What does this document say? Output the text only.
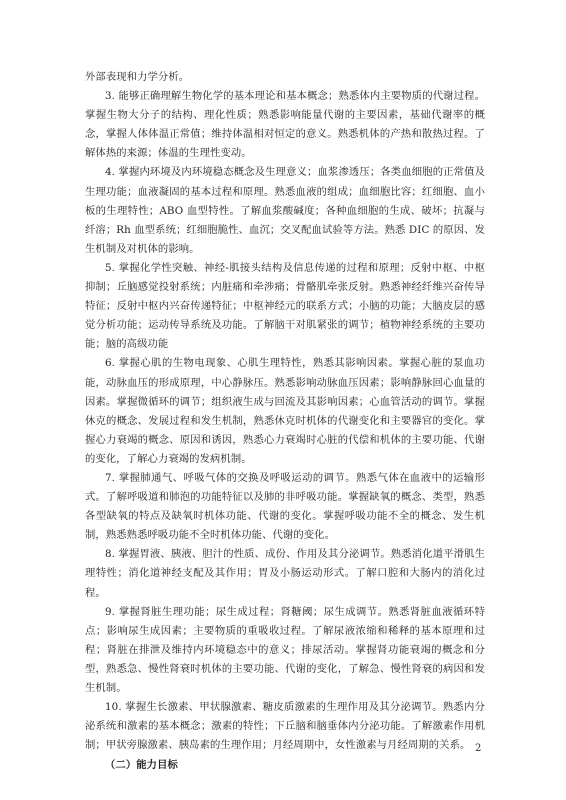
外部表现和力学分析。

3. 能够正确理解生物化学的基本理论和基本概念；熟悉体内主要物质的代谢过程。掌握生物大分子的结构、理化性质；熟悉影响能量代谢的主要因素，基础代谢率的概念，掌握人体体温正常值；维持体温相对恒定的意义。熟悉机体的产热和散热过程。了解体热的来源；体温的生理性变动。

4. 掌握内环境及内环境稳态概念及生理意义；血浆渗透压；各类血细胞的正常值及生理功能；血液凝固的基本过程和原理。熟悉血液的组成；血细胞比容；红细胞、血小板的生理特性；ABO 血型特性。了解血浆酸碱度；各种血细胞的生成、破坏；抗凝与纤溶；Rh 血型系统；红细胞脆性、血沉；交叉配血试验等方法。熟悉 DIC 的原因、发生机制及对机体的影响。

5. 掌握化学性突触、神经-肌接头结构及信息传递的过程和原理；反射中枢、中枢抑制；丘脑感觉投射系统；内脏痛和牵涉痛；骨骼肌牵张反射。熟悉神经纤维兴奋传导特征；反射中枢内兴奋传递特征；中枢神经元的联系方式；小脑的功能；大脑皮层的感觉分析功能；运动传导系统及功能。了解脑干对肌紧张的调节；植物神经系统的主要功能；脑的高级功能

6. 掌握心肌的生物电现象、心肌生理特性，熟悉其影响因素。掌握心脏的泵血功能，动脉血压的形成原理，中心静脉压。熟悉影响动脉血压因素；影响静脉回心血量的因素。掌握微循环的调节；组织液生成与回流及其影响因素；心血管活动的调节。掌握休克的概念、发展过程和发生机制，熟悉休克时机体的代谢变化和主要器官的变化。掌握心力衰竭的概念、原因和诱因，熟悉心力衰竭时心脏的代偿和机体的主要功能、代谢的变化，了解心力衰竭的发病机制。

7. 掌握肺通气、呼吸气体的交换及呼吸运动的调节。熟悉气体在血液中的运输形式。了解呼吸道和肺泡的功能特征以及肺的非呼吸功能。掌握缺氧的概念、类型，熟悉各型缺氧的特点及缺氧时机体功能、代谢的变化。掌握呼吸功能不全的概念、发生机制，熟悉熟悉呼吸功能不全时机体功能、代谢的变化。

8. 掌握胃液、胰液、胆汁的性质、成份、作用及其分泌调节。熟悉消化道平滑肌生理特性；消化道神经支配及其作用；胃及小肠运动形式。了解口腔和大肠内的消化过程。

9. 掌握肾脏生理功能；尿生成过程；肾糖阈；尿生成调节。熟悉肾脏血液循环特点；影响尿生成因素；主要物质的重吸收过程。了解尿液浓缩和稀释的基本原理和过程；肾脏在排泄及维持内环境稳态中的意义；排尿活动。掌握肾功能衰竭的概念和分型，熟悉急、慢性肾衰时机体的主要功能、代谢的变化，了解急、慢性肾衰的病因和发生机制。

10. 掌握生长激素、甲状腺激素、糖皮质激素的生理作用及其分泌调节。熟悉内分泌系统和激素的基本概念；激素的特性；下丘脑和脑垂体内分泌功能。了解激素作用机制；甲状旁腺激素、胰岛素的生理作用；月经周期中，女性激素与月经周期的关系。

（二）能力目标

2
